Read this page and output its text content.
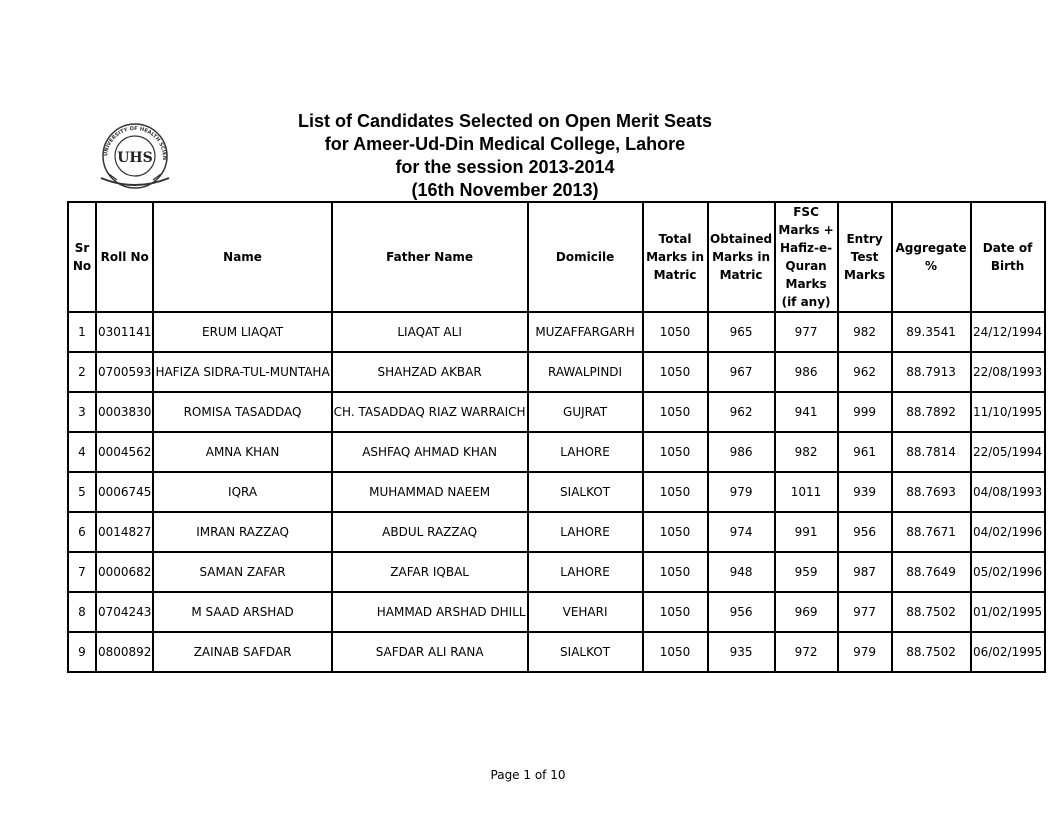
UNIVERSITY OF HEALTH SCIEN
UHS

List of Candidates Selected on Open Merit Seats

for Ameer-Ud-Din Medical College, Lahore

for the session 2013-2014

(16th November 2013)

Sr No	Roll No	Name	Father Name	Domicile	Total Marks in Matric	Obtained Marks in Matric	FSC Marks + Hafiz-e-Quran Marks (if any)	Entry Test Marks	Aggregate %	Date of Birth
1	0301141	ERUM LIAQAT	LIAQAT ALI	MUZAFFARGARH	1050	965	977	982	89.3541	24/12/1994
2	0700593	HAFIZA SIDRA-TUL-MUNTAHA	SHAHZAD AKBAR	RAWALPINDI	1050	967	986	962	88.7913	22/08/1993
3	0003830	ROMISA TASADDAQ	CH. TASADDAQ RIAZ WARRAICH	GUJRAT	1050	962	941	999	88.7892	11/10/1995
4	0004562	AMNA KHAN	ASHFAQ AHMAD KHAN	LAHORE	1050	986	982	961	88.7814	22/05/1994
5	0006745	IQRA	MUHAMMAD NAEEM	SIALKOT	1050	979	1011	939	88.7693	04/08/1993
6	0014827	IMRAN RAZZAQ	ABDUL RAZZAQ	LAHORE	1050	974	991	956	88.7671	04/02/1996
7	0000682	SAMAN ZAFAR	ZAFAR IQBAL	LAHORE	1050	948	959	987	88.7649	05/02/1996
8	0704243	M SAAD ARSHAD	HAMMAD ARSHAD DHILL	VEHARI	1050	956	969	977	88.7502	01/02/1995
9	0800892	ZAINAB SAFDAR	SAFDAR ALI RANA	SIALKOT	1050	935	972	979	88.7502	06/02/1995
Page 1 of 10
